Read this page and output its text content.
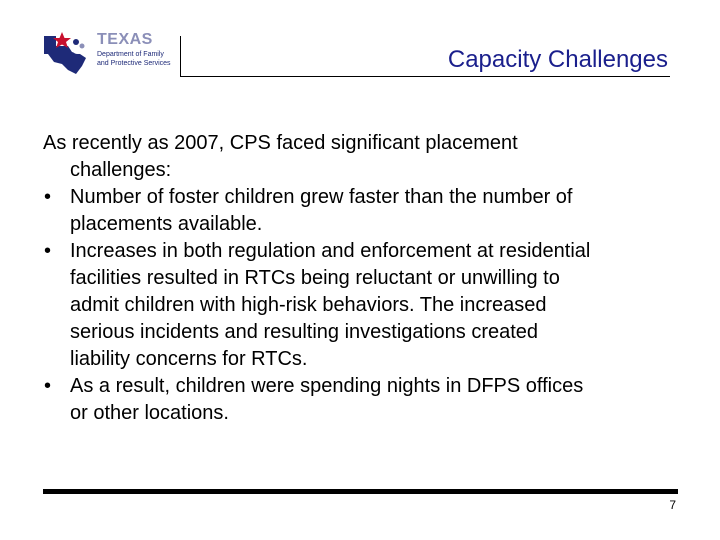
TEXAS
Department of Family
and Protective Services	Capacity Challenges
As recently as 2007, CPS faced significant placement
challenges:
• Number of foster children grew faster than the number of
placements available.
• Increases in both regulation and enforcement at residential
facilities resulted in RTCs being reluctant or unwilling to
admit children with high-risk behaviors. The increased
serious incidents and resulting investigations created
liability concerns for RTCs.
• As a result, children were spending nights in DFPS offices
or other locations.
7
